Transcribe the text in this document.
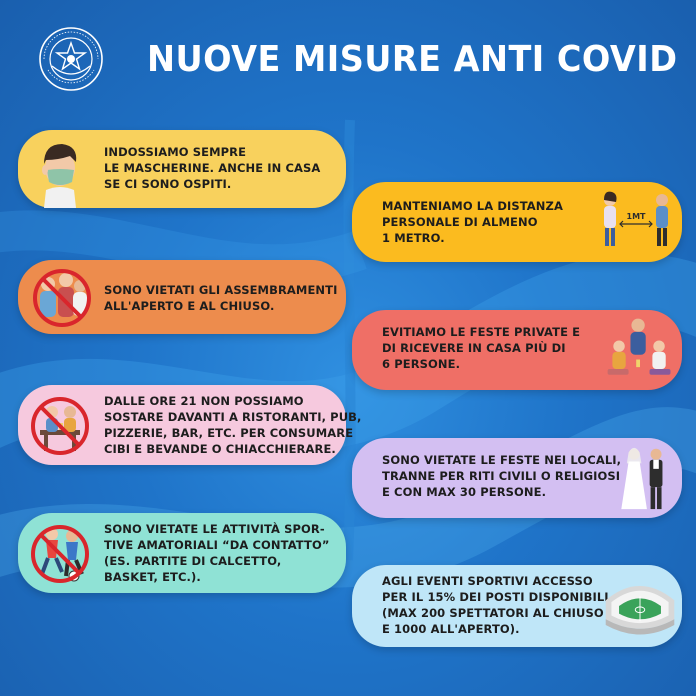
NUOVE MISURE ANTI COVID
INDOSSIAMO SEMPRE
LE MASCHERINE. ANCHE IN CASA
SE CI SONO OSPITI.
SONO VIETATI GLI ASSEMBRAMENTI
ALL'APERTO E AL CHIUSO.
DALLE ORE 21 NON POSSIAMO
SOSTARE DAVANTI A RISTORANTI, PUB,
PIZZERIE, BAR, ETC. PER CONSUMARE
CIBI E BEVANDE O CHIACCHIERARE.
SONO VIETATE LE ATTIVITÀ SPOR-
TIVE AMATORIALI “DA CONTATTO”
(ES. PARTITE DI CALCETTO,
BASKET, ETC.).
MANTENIAMO LA DISTANZA
PERSONALE DI ALMENO
1 METRO.
1MT
EVITIAMO LE FESTE PRIVATE E
DI RICEVERE IN CASA PIÙ DI
6 PERSONE.
SONO VIETATE LE FESTE NEI LOCALI,
TRANNE PER RITI CIVILI O RELIGIOSI
E CON MAX 30 PERSONE.
AGLI EVENTI SPORTIVI ACCESSO
PER IL 15% DEI POSTI DISPONIBILI
(MAX 200 SPETTATORI AL CHIUSO
E 1000 ALL'APERTO).
